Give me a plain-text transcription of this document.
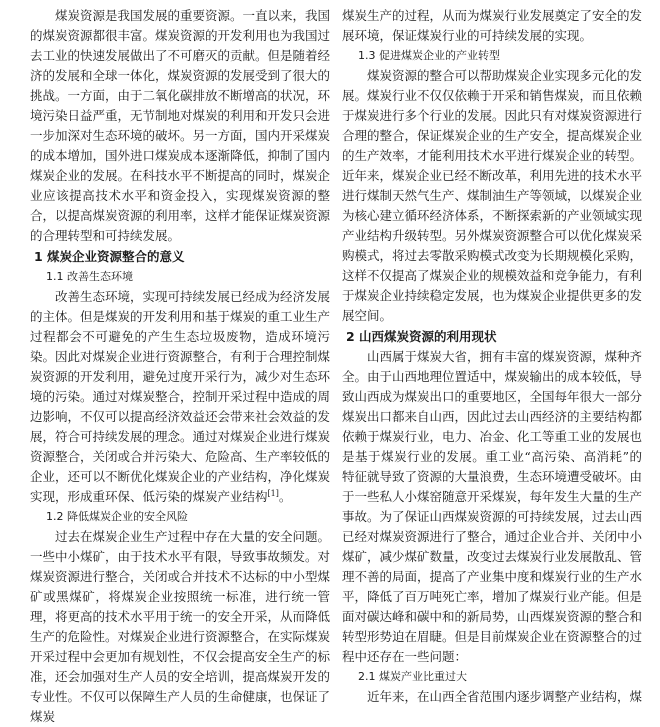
煤炭资源是我国发展的重要资源。一直以来，我国的煤炭资源都很丰富。煤炭资源的开发利用也为我国过去工业的快速发展做出了不可磨灭的贡献。但是随着经济的发展和全球一体化，煤炭资源的发展受到了很大的挑战。一方面，由于二氧化碳排放不断增高的状况，环境污染日益严重，无节制地对煤炭的利用和开发只会进一步加深对生态环境的破坏。另一方面，国内开采煤炭的成本增加，国外进口煤炭成本逐渐降低，抑制了国内煤炭企业的发展。在科技水平不断提高的同时，煤炭企业应该提高技术水平和资金投入，实现煤炭资源的整合，以提高煤炭资源的利用率，这样才能保证煤炭资源的合理转型和可持续发展。

1 煤炭企业资源整合的意义
1.1 改善生态环境

改善生态环境，实现可持续发展已经成为经济发展的主体。但是煤炭的开发利用和基于煤炭的重工业生产过程都会不可避免的产生生态垃圾废物，造成环境污染。因此对煤炭企业进行资源整合，有利于合理控制煤炭资源的开发利用，避免过度开采行为，减少对生态环境的污染。通过对煤炭整合，控制开采过程中造成的周边影响，不仅可以提高经济效益还会带来社会效益的发展，符合可持续发展的理念。通过对煤炭企业进行煤炭资源整合，关闭或合并污染大、危险高、生产率较低的企业，还可以不断优化煤炭企业的产业结构，净化煤炭实现，形成重环保、低污染的煤炭产业结构[1]。

1.2 降低煤炭企业的安全风险

过去在煤炭企业生产过程中存在大量的安全问题。一些中小煤矿，由于技术水平有限，导致事故频发。对煤炭资源进行整合，关闭或合并技术不达标的中小型煤矿或黑煤矿，将煤炭企业按照统一标准，进行统一管理，将更高的技术水平用于统一的安全开采，从而降低生产的危险性。对煤炭企业进行资源整合，在实际煤炭开采过程中会更加有规划性，不仅会提高安全生产的标准，还会加强对生产人员的安全培训，提高煤炭开发的专业性。不仅可以保障生产人员的生命健康，也保证了煤炭

煤炭生产的过程，从而为煤炭行业发展奠定了安全的发展环境，保证煤炭行业的可持续发展的实现。

1.3 促进煤炭企业的产业转型

煤炭资源的整合可以帮助煤炭企业实现多元化的发展。煤炭行业不仅仅依赖于开采和销售煤炭，而且依赖于煤炭进行多个行业的发展。因此只有对煤炭资源进行合理的整合，保证煤炭企业的生产安全，提高煤炭企业的生产效率，才能利用技术水平进行煤炭企业的转型。近年来，煤炭企业已经不断改革，利用先进的技术水平进行煤制天然气生产、煤制油生产等领域，以煤炭企业为核心建立循环经济体系，不断探索新的产业领域实现产业结构升级转型。另外煤炭资源整合可以优化煤炭采购模式，将过去零散采购模式改变为长期规模化采购，这样不仅提高了煤炭企业的规模效益和竞争能力，有利于煤炭企业持续稳定发展，也为煤炭企业提供更多的发展空间。

2 山西煤炭资源的利用现状

山西属于煤炭大省，拥有丰富的煤炭资源，煤种齐全。由于山西地理位置适中，煤炭输出的成本较低，导致山西成为煤炭出口的重要地区，全国每年很大一部分煤炭出口都来自山西，因此过去山西经济的主要结构都依赖于煤炭行业，电力、冶金、化工等重工业的发展也是基于煤炭行业的发展。重工业“高污染、高消耗”的特征就导致了资源的大量浪费，生态环境遭受破坏。由于一些私人小煤窑随意开采煤炭，每年发生大量的生产事故。为了保证山西煤炭资源的可持续发展，过去山西已经对煤炭资源进行了整合，通过企业合并、关闭中小煤矿，减少煤矿数量，改变过去煤炭行业发展散乱、管理不善的局面，提高了产业集中度和煤炭行业的生产水平，降低了百万吨死亡率，增加了煤炭行业产能。但是面对碳达峰和碳中和的新局势，山西煤炭资源的整合和转型形势迫在眉睫。但是目前煤炭企业在资源整合的过程中还存在一些问题：

2.1 煤炭产业比重过大

近年来，在山西全省范围内逐步调整产业结构，煤
